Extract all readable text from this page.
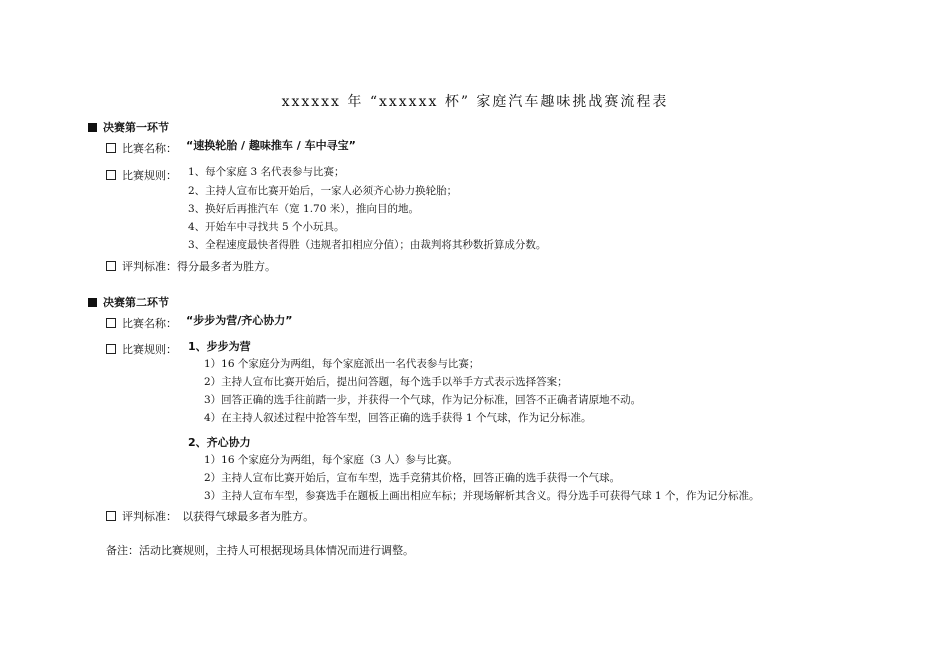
xxxxxx 年 “xxxxxx 杯” 家庭汽车趣味挑战赛流程表
决赛第一环节
比赛名称： “速换轮胎 / 趣味推车 / 车中寻宝”
比赛规则： 1、每个家庭 3 名代表参与比赛；
2、主持人宣布比赛开始后，一家人必须齐心协力换轮胎；
3、换好后再推汽车（宽 1.70 米），推向目的地。
4、开始车中寻找共 5 个小玩具。
3、全程速度最快者得胜（违规者扣相应分值）；由裁判将其秒数折算成分数。
评判标准：得分最多者为胜方。
决赛第二环节
比赛名称： “步步为营/齐心协力”
比赛规则： 1、步步为营
1）16 个家庭分为两组，每个家庭派出一名代表参与比赛；
2）主持人宣布比赛开始后，提出问答题，每个选手以举手方式表示选择答案；
3）回答正确的选手往前踏一步，并获得一个气球，作为记分标准，回答不正确者请原地不动。
4）在主持人叙述过程中抢答车型，回答正确的选手获得 1 个气球，作为记分标准。
2、齐心协力
1）16 个家庭分为两组，每个家庭（3 人）参与比赛。
2）主持人宣布比赛开始后，宣布车型，选手竞猜其价格，回答正确的选手获得一个气球。
3）主持人宣布车型，参赛选手在题板上画出相应车标；并现场解析其含义。得分选手可获得气球 1 个，作为记分标准。
评判标准： 以获得气球最多者为胜方。
备注：活动比赛规则，主持人可根据现场具体情况而进行调整。
